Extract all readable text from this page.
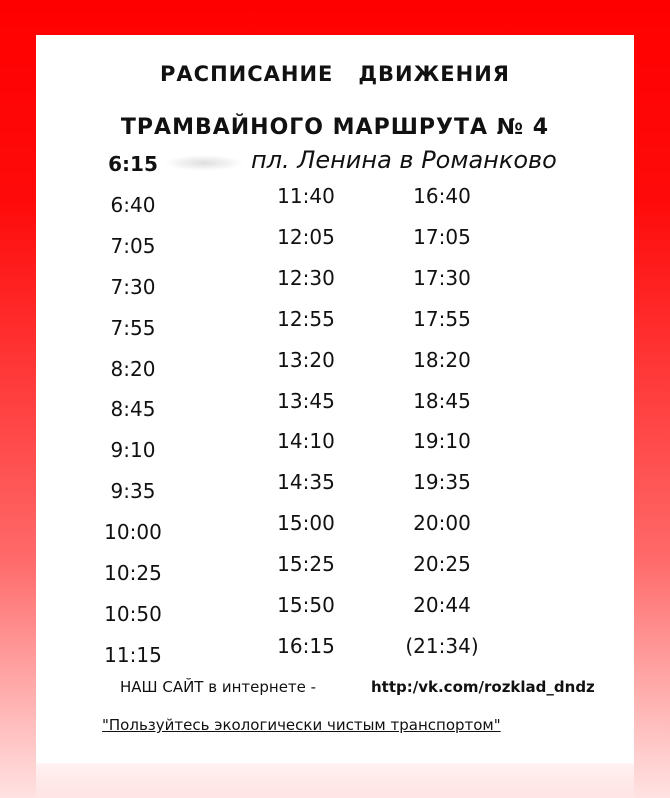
РАСПИСАНИЕ   ДВИЖЕНИЯ
ТРАМВАЙНОГО МАРШРУТА № 4
пл. Ленина в Романково
6:15
6:40
7:05
7:30
7:55
8:20
8:45
9:10
9:35
10:00
10:25
10:50
11:15
11:40
12:05
12:30
12:55
13:20
13:45
14:10
14:35
15:00
15:25
15:50
16:15
16:40
17:05
17:30
17:55
18:20
18:45
19:10
19:35
20:00
20:25
20:44
(21:34)
НАШ САЙТ в интернете -	http:/vk.com/rozklad_dndz
"Пользуйтесь экологически чистым транспортом"
